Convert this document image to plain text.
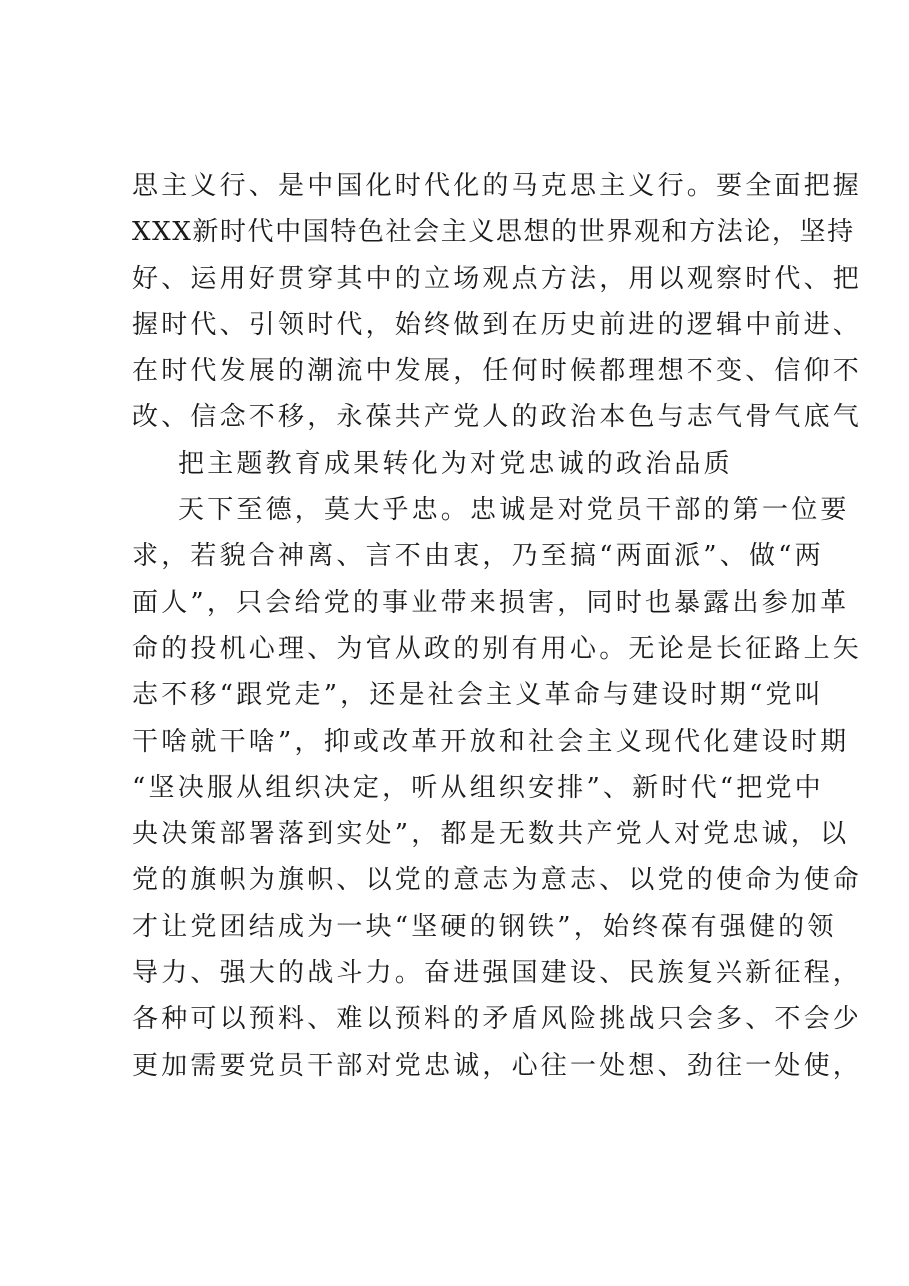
思主义行、是中国化时代化的马克思主义行。要全面把握
XXX新时代中国特色社会主义思想的世界观和方法论，坚持
好、运用好贯穿其中的立场观点方法，用以观察时代、把
握时代、引领时代，始终做到在历史前进的逻辑中前进、
在时代发展的潮流中发展，任何时候都理想不变、信仰不
改、信念不移，永葆共产党人的政治本色与志气骨气底气
把主题教育成果转化为对党忠诚的政治品质
天下至德，莫大乎忠。忠诚是对党员干部的第一位要
求，若貌合神离、言不由衷，乃至搞“两面派”、做“两
面人”，只会给党的事业带来损害，同时也暴露出参加革
命的投机心理、为官从政的别有用心。无论是长征路上矢
志不移“跟党走”，还是社会主义革命与建设时期“党叫
干啥就干啥”，抑或改革开放和社会主义现代化建设时期
“坚决服从组织决定，听从组织安排”、新时代“把党中
央决策部署落到实处”，都是无数共产党人对党忠诚，以
党的旗帜为旗帜、以党的意志为意志、以党的使命为使命
才让党团结成为一块“坚硬的钢铁”，始终葆有强健的领
导力、强大的战斗力。奋进强国建设、民族复兴新征程，
各种可以预料、难以预料的矛盾风险挑战只会多、不会少
更加需要党员干部对党忠诚，心往一处想、劲往一处使，
